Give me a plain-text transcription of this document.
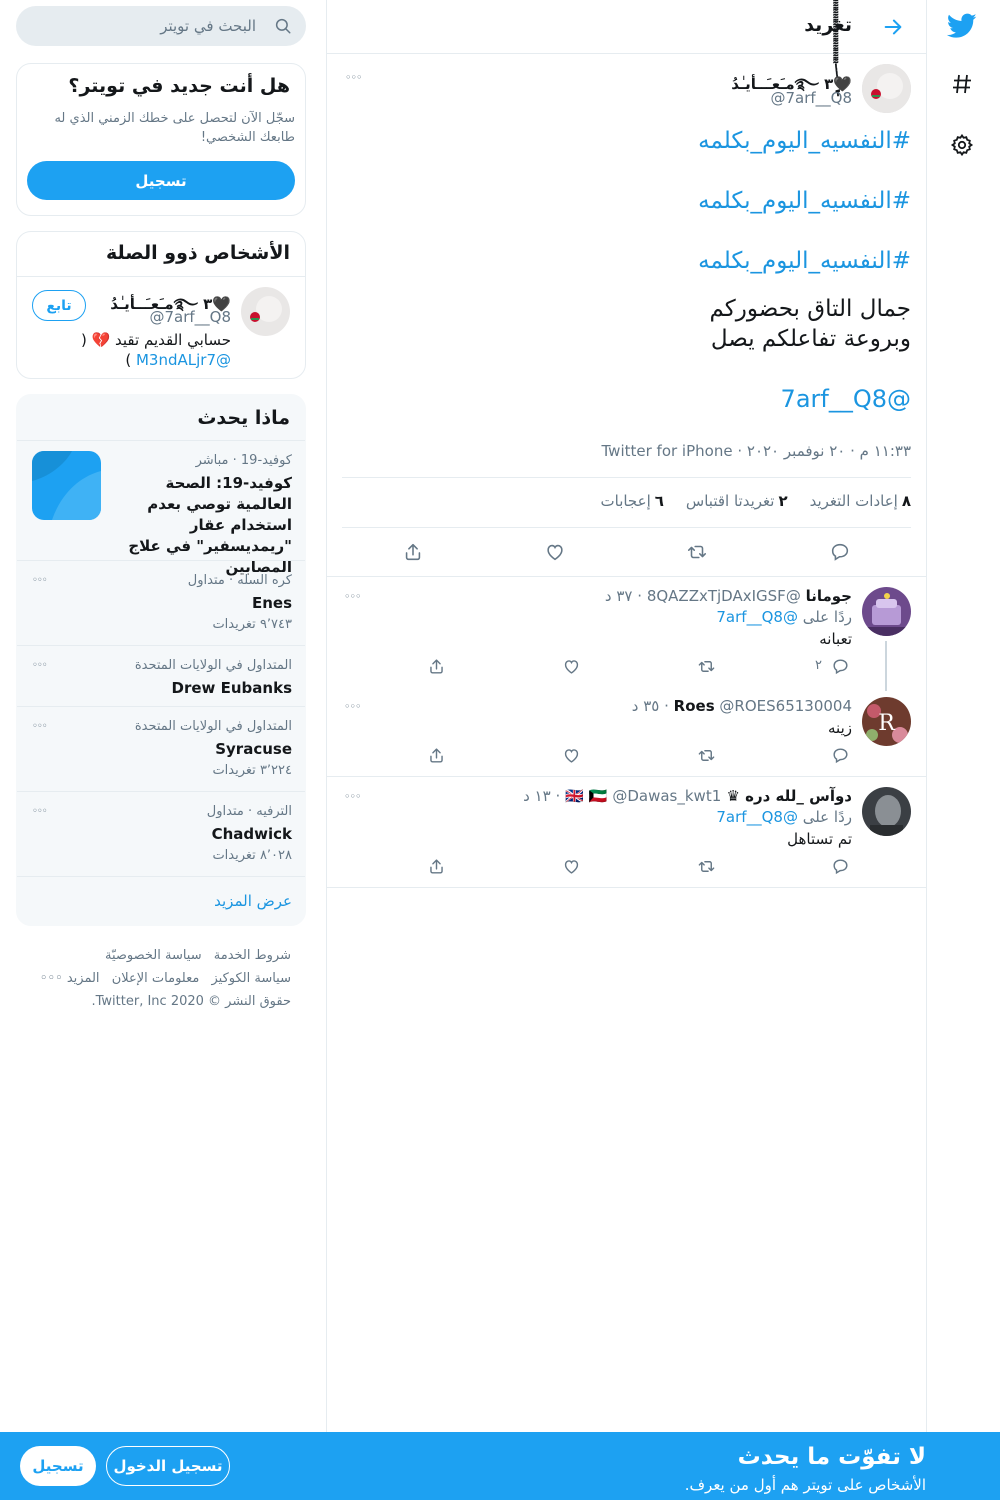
تغريد
🖤ٍٰٰٰٰٰٰٖٓٓٓٓٓٓٓٓٓٓٓٓٓٓٓٓٓٓٓٓٓٓٓٓٓٓٓ٣ ࿐مـَعـَــأيـٰدُ
@7arf__Q8
◦◦◦
#النفسيه_اليوم_بكلمه
#النفسيه_اليوم_بكلمه
#النفسيه_اليوم_بكلمه
جمال التاق بحضوركم
وبروعة تفاعلكم يصل
@7arf__Q8
١١:٣٣ م · ٢٠ نوفمبر ٢٠٢٠ · Twitter for iPhone
٨إعادات التغريد
٢تغريدتا اقتباس
٦إعجابات
جومانا @8QAZZxTjDAxIGSF · ٣٧ د
ردًا على @7arf__Q8
تعبانه
٢
◦◦◦
R
Roes @ROES65130004 · ٣٥ د
زينه
◦◦◦
دوآس _لله دره ♛ 🇬🇧 🇰🇼 @Dawas_kwt1 · ١٣ د
ردًا على @7arf__Q8
تم تستاهل
◦◦◦
البحث في تويتر
هل أنت جديد في تويتر؟
سجّل الآن لتحصل على خطك الزمني الذي له طابعك الشخصي!
تسجيل
الأشخاص ذوو الصلة
🖤٣ ࿐مـَعـَــأيـٰدُ
@7arf__Q8
تابع
حسابي القديم تقيد 💔 ( @M3ndALjr7 )
ماذا يحدث
كوفيد-19 · مباشر
كوفيد-19: الصحة العالمية توصي بعدم استخدام عقار "ريمديسفير" في علاج المصابين
كره السله · متداول
Enes
٩٬٧٤٣ تغريدات
◦◦◦
المتداول في الولايات المتحدة
Drew Eubanks
◦◦◦
المتداول في الولايات المتحدة
Syracuse
٣٬٢٢٤ تغريدات
◦◦◦
الترفيه · متداول
Chadwick
٨٬٠٢٨ تغريدات
◦◦◦
عرض المزيد
شروط الخدمة سياسة الخصوصيّة
سياسة الكوكيز معلومات الإعلان المزيد ◦◦◦
حقوق النشر © 2020 Twitter, Inc.
لا تفوّت ما يحدث
الأشخاص على تويتر هم أول من يعرف.
تسجيل الدخول
تسجيل
